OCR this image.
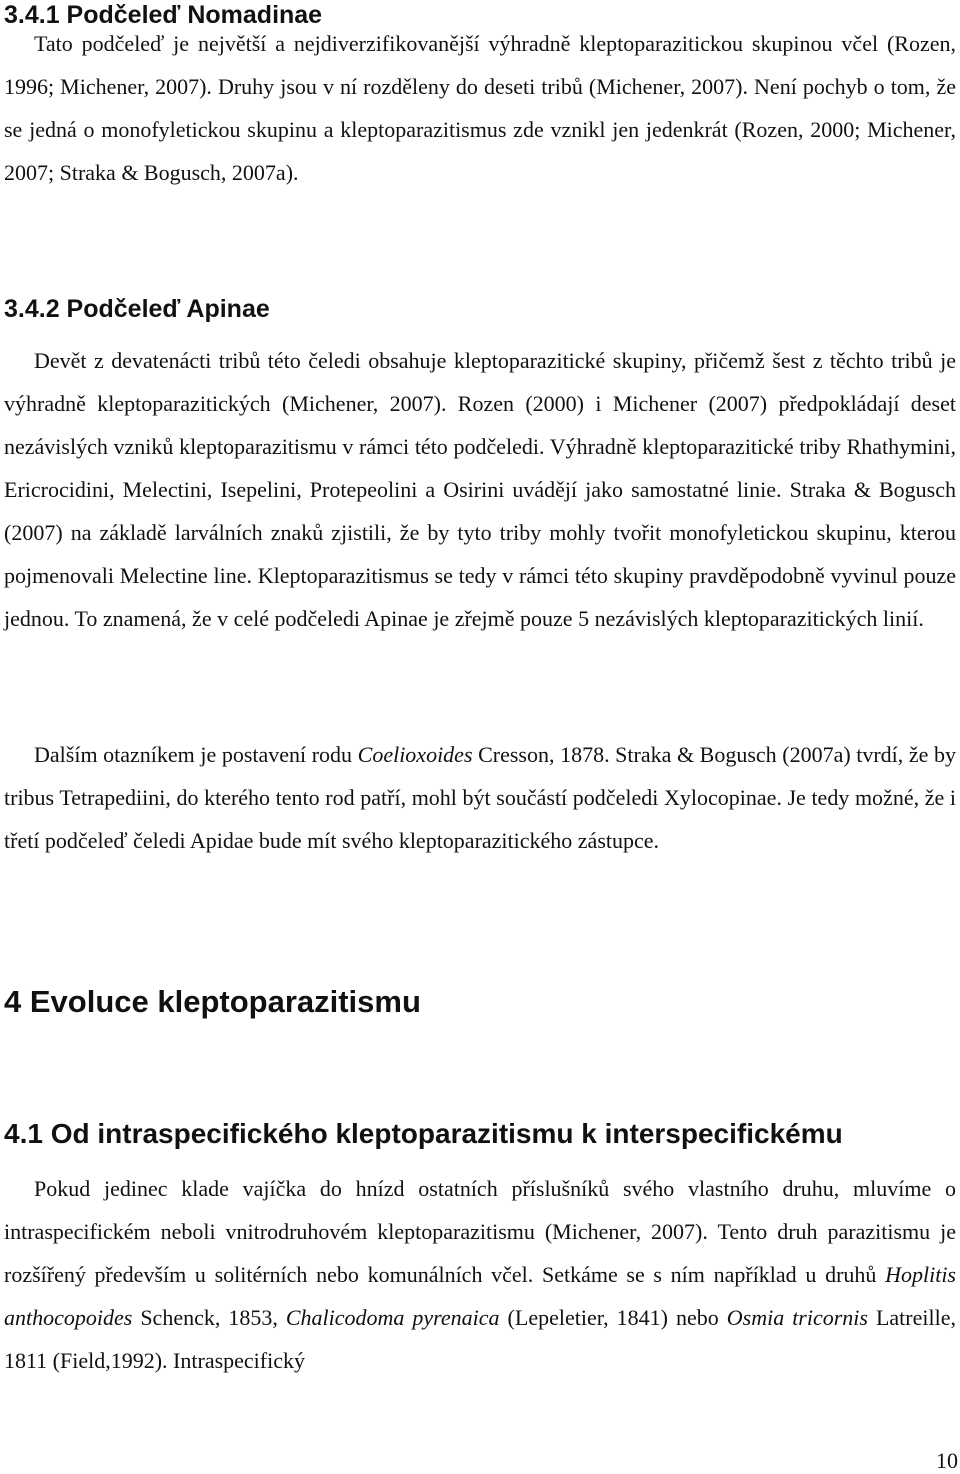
3.4.1 Podčeleď Nomadinae

Tato podčeleď je největší a nejdiverzifikovanější výhradně kleptoparazitickou skupinou včel (Rozen, 1996; Michener, 2007). Druhy jsou v ní rozděleny do deseti tribů (Michener, 2007). Není pochyb o tom, že se jedná o monofyletickou skupinu a kleptoparazitismus zde vznikl jen jedenkrát (Rozen, 2000; Michener, 2007; Straka & Bogusch, 2007a).

3.4.2 Podčeleď Apinae

Devět z devatenácti tribů této čeledi obsahuje kleptoparazitické skupiny, přičemž šest z těchto tribů je výhradně kleptoparazitických (Michener, 2007). Rozen (2000) i Michener (2007) předpokládají deset nezávislých vzniků kleptoparazitismu v rámci této podčeledi. Výhradně kleptoparazitické triby Rhathymini, Ericrocidini, Melectini, Isepelini, Protepeolini a Osirini uvádějí jako samostatné linie. Straka & Bogusch (2007) na základě larválních znaků zjistili, že by tyto triby mohly tvořit monofyletickou skupinu, kterou pojmenovali Melectine line. Kleptoparazitismus se tedy v rámci této skupiny pravděpodobně vyvinul pouze jednou. To znamená, že v celé podčeledi Apinae je zřejmě pouze 5 nezávislých kleptoparazitických linií.

Dalším otazníkem je postavení rodu Coelioxoides Cresson, 1878. Straka & Bogusch (2007a) tvrdí, že by tribus Tetrapediini, do kterého tento rod patří, mohl být součástí podčeledi Xylocopinae. Je tedy možné, že i třetí podčeleď čeledi Apidae bude mít svého kleptoparazitického zástupce.

4 Evoluce kleptoparazitismu
4.1 Od intraspecifického kleptoparazitismu k interspecifickému

Pokud jedinec klade vajíčka do hnízd ostatních příslušníků svého vlastního druhu, mluvíme o intraspecifickém neboli vnitrodruhovém kleptoparazitismu (Michener, 2007). Tento druh parazitismu je rozšířený především u solitérních nebo komunálních včel. Setkáme se s ním například u druhů Hoplitis anthocopoides Schenck, 1853, Chalicodoma pyrenaica (Lepeletier, 1841) nebo Osmia tricornis Latreille, 1811 (Field,1992). Intraspecifický

10
